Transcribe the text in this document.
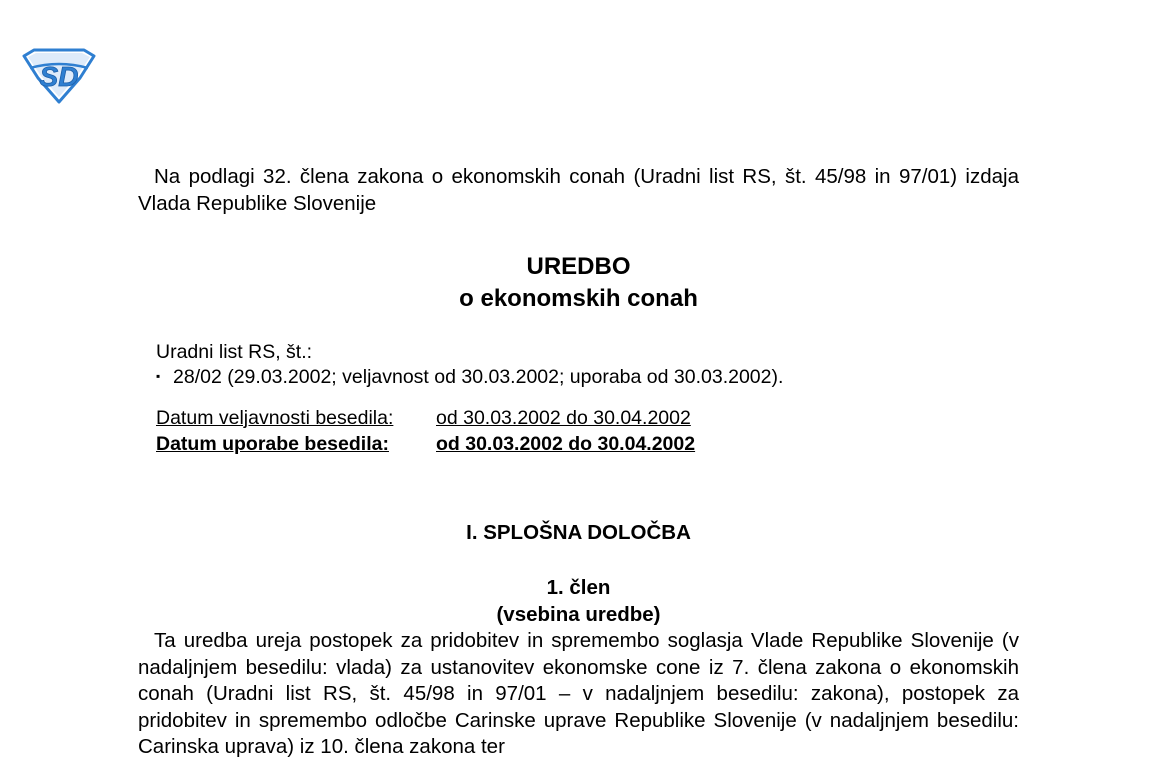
SD

Na podlagi 32. člena zakona o ekonomskih conah (Uradni list RS, št. 45/98 in 97/01) izdaja Vlada Republike Slovenije

UREDBO
o ekonomskih conah
Uradni list RS, št.:
▪ 28/02 (29.03.2002; veljavnost od 30.03.2002; uporaba od 30.03.2002).
Datum veljavnosti besedila:	od 30.03.2002 do 30.04.2002
Datum uporabe besedila:	od 30.03.2002 do 30.04.2002
I. SPLOŠNA DOLOČBA
1. člen
(vsebina uredbe)

Ta uredba ureja postopek za pridobitev in spremembo soglasja Vlade Republike Slovenije (v nadaljnjem besedilu: vlada) za ustanovitev ekonomske cone iz 7. člena zakona o ekonomskih conah (Uradni list RS, št. 45/98 in 97/01 – v nadaljnjem besedilu: zakona), postopek za pridobitev in spremembo odločbe Carinske uprave Republike Slovenije (v nadaljnjem besedilu: Carinska uprava) iz 10. člena zakona ter
